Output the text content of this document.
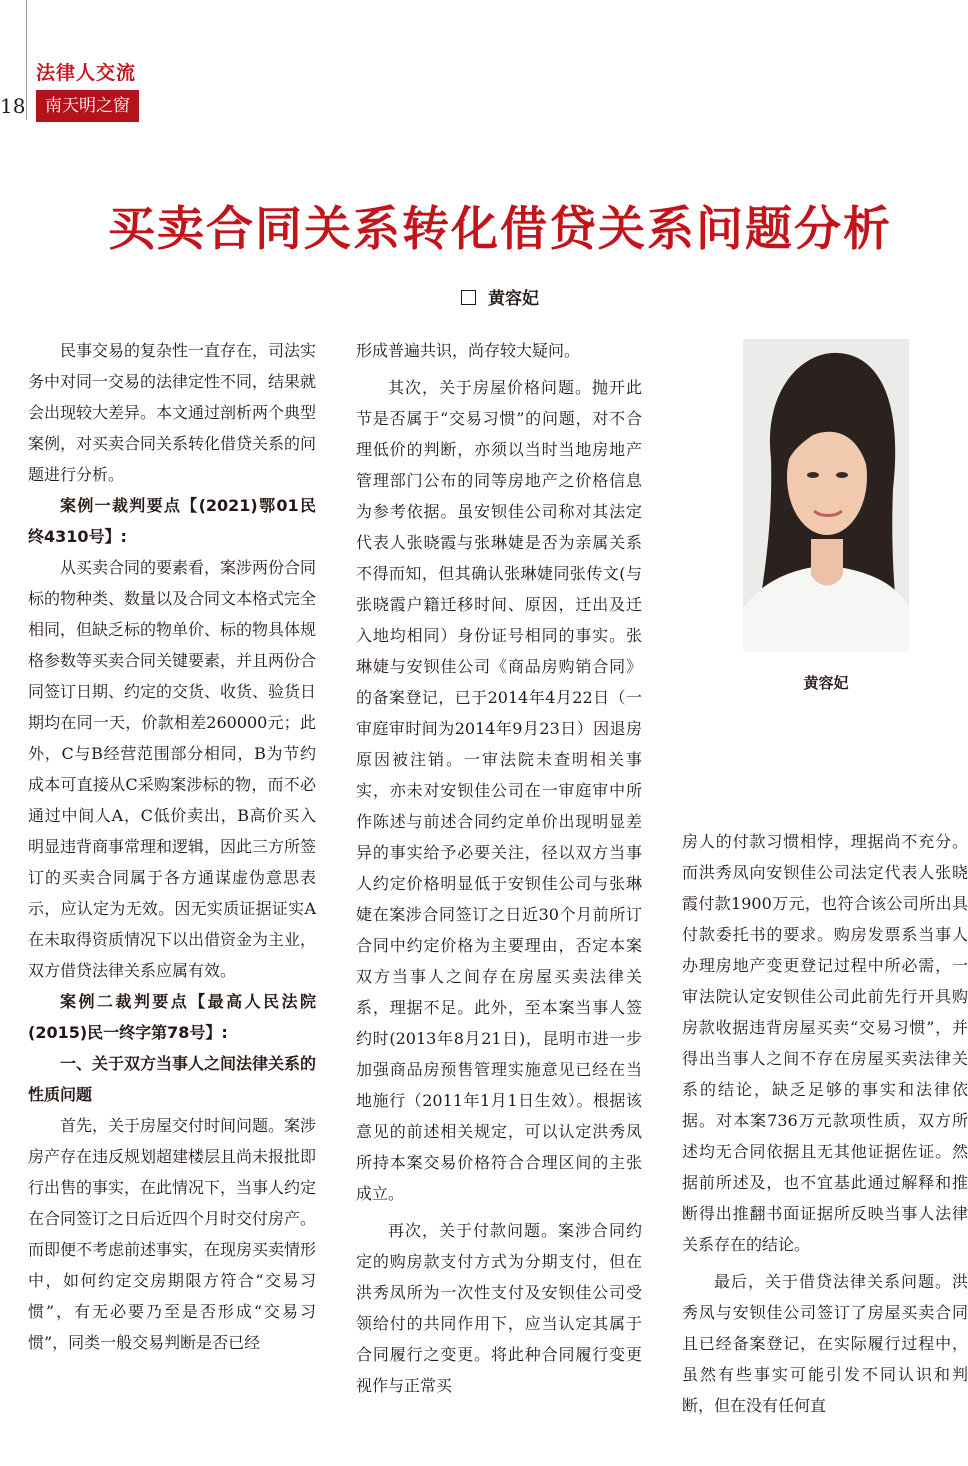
法律人交流
18	南天明之窗
买卖合同关系转化借贷关系问题分析
黄容妃

民事交易的复杂性一直存在，司法实务中对同一交易的法律定性不同，结果就会出现较大差异。本文通过剖析两个典型案例，对买卖合同关系转化借贷关系的问题进行分析。

案例一裁判要点【(2021)鄂01民终4310号】:

从买卖合同的要素看，案涉两份合同标的物种类、数量以及合同文本格式完全相同，但缺乏标的物单价、标的物具体规格参数等买卖合同关键要素，并且两份合同签订日期、约定的交货、收货、验货日期均在同一天，价款相差260000元；此外，C与B经营范围部分相同，B为节约成本可直接从C采购案涉标的物，而不必通过中间人A，C低价卖出，B高价买入明显违背商事常理和逻辑，因此三方所签订的买卖合同属于各方通谋虚伪意思表示，应认定为无效。因无实质证据证实A在未取得资质情况下以出借资金为主业，双方借贷法律关系应属有效。

案例二裁判要点【最高人民法院(2015)民一终字第78号】:

一、关于双方当事人之间法律关系的性质问题

首先，关于房屋交付时间问题。案涉房产存在违反规划超建楼层且尚未报批即行出售的事实，在此情况下，当事人约定在合同签订之日后近四个月时交付房产。而即便不考虑前述事实，在现房买卖情形中，如何约定交房期限方符合“交易习惯”，有无必要乃至是否形成“交易习惯”，同类一般交易判断是否已经

形成普遍共识，尚存较大疑问。

其次，关于房屋价格问题。抛开此节是否属于“交易习惯”的问题，对不合理低价的判断，亦须以当时当地房地产管理部门公布的同等房地产之价格信息为参考依据。虽安钡佳公司称对其法定代表人张晓霞与张琳婕是否为亲属关系不得而知，但其确认张琳婕同张传文(与张晓霞户籍迁移时间、原因，迁出及迁入地均相同）身份证号相同的事实。张琳婕与安钡佳公司《商品房购销合同》的备案登记，已于2014年4月22日（一审庭审时间为2014年9月23日）因退房原因被注销。一审法院未查明相关事实，亦未对安钡佳公司在一审庭审中所作陈述与前述合同约定单价出现明显差异的事实给予必要关注，径以双方当事人约定价格明显低于安钡佳公司与张琳婕在案涉合同签订之日近30个月前所订合同中约定价格为主要理由，否定本案双方当事人之间存在房屋买卖法律关系，理据不足。此外，至本案当事人签约时(2013年8月21日)，昆明市进一步加强商品房预售管理实施意见已经在当地施行（2011年1月1日生效）。根据该意见的前述相关规定，可以认定洪秀凤所持本案交易价格符合合理区间的主张成立。

再次，关于付款问题。案涉合同约定的购房款支付方式为分期支付，但在洪秀凤所为一次性支付及安钡佳公司受领给付的共同作用下，应当认定其属于合同履行之变更。将此种合同履行变更视作与正常买

黄容妃

房人的付款习惯相悖，理据尚不充分。而洪秀凤向安钡佳公司法定代表人张晓霞付款1900万元，也符合该公司所出具付款委托书的要求。购房发票系当事人办理房地产变更登记过程中所必需，一审法院认定安钡佳公司此前先行开具购房款收据违背房屋买卖“交易习惯”，并得出当事人之间不存在房屋买卖法律关系的结论，缺乏足够的事实和法律依据。对本案736万元款项性质，双方所述均无合同依据且无其他证据佐证。然据前所述及，也不宜基此通过解释和推断得出推翻书面证据所反映当事人法律关系存在的结论。

最后，关于借贷法律关系问题。洪秀凤与安钡佳公司签订了房屋买卖合同且已经备案登记，在实际履行过程中，虽然有些事实可能引发不同认识和判断，但在没有任何直
